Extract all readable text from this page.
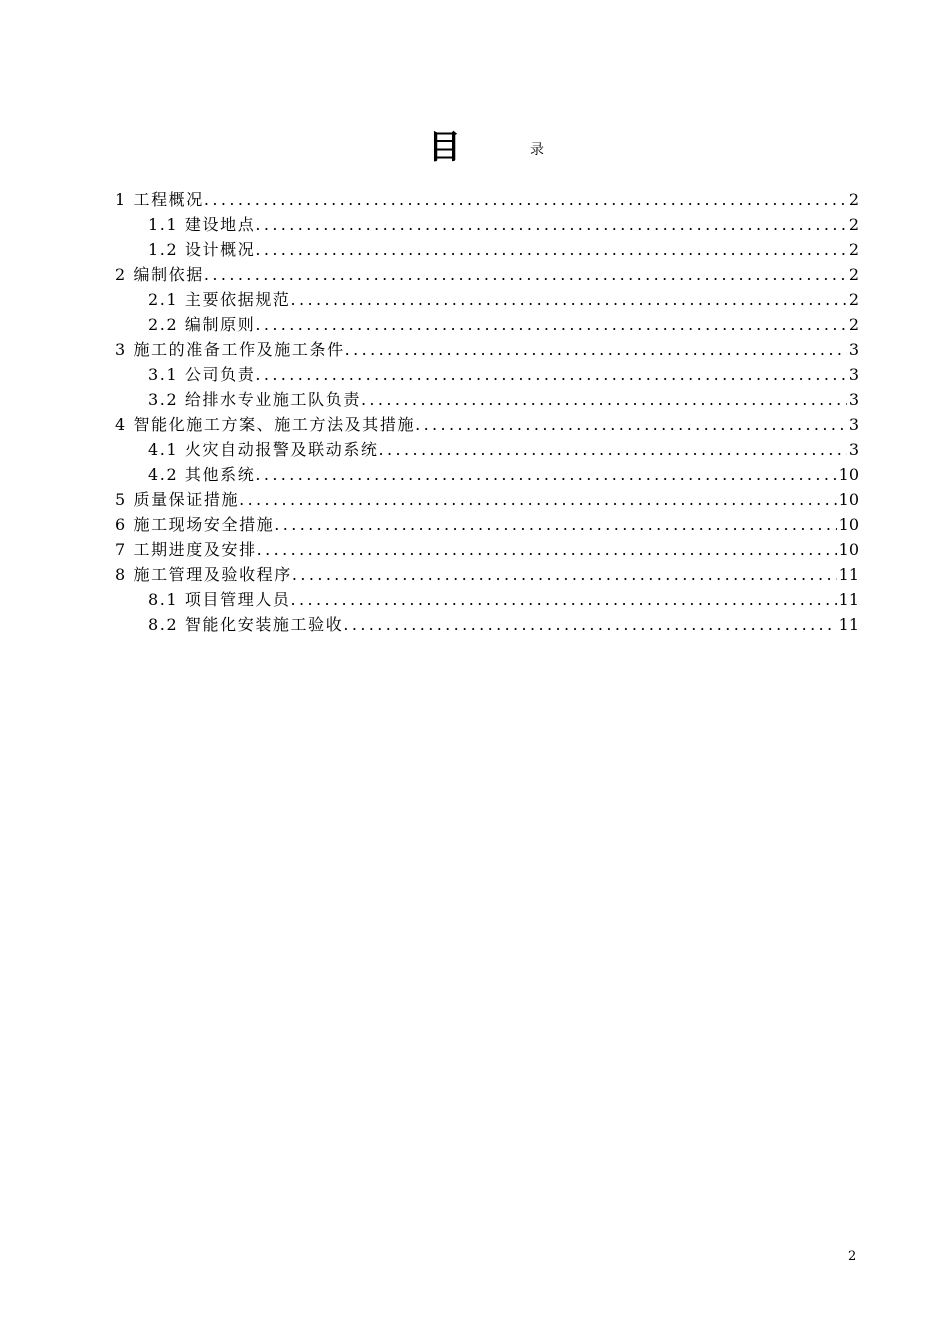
目	录
1 工程概况 .....	2
1.1 建设地点 .....	2
1.2 设计概况 .....	2
2 编制依据 .....	2
2.1 主要依据规范 .....	2
2.2 编制原则 .....	2
3 施工的准备工作及施工条件 .....	3
3.1 公司负责 .....	3
3.2 给排水专业施工队负责 .....	3
4 智能化施工方案、施工方法及其措施 .....	3
4.1 火灾自动报警及联动系统 .....	3
4.2 其他系统 .....	10
5 质量保证措施 .....	10
6 施工现场安全措施 .....	10
7 工期进度及安排 .....	10
8 施工管理及验收程序 .....	11
8.1 项目管理人员 .....	11
8.2 智能化安装施工验收 .....	11
2
